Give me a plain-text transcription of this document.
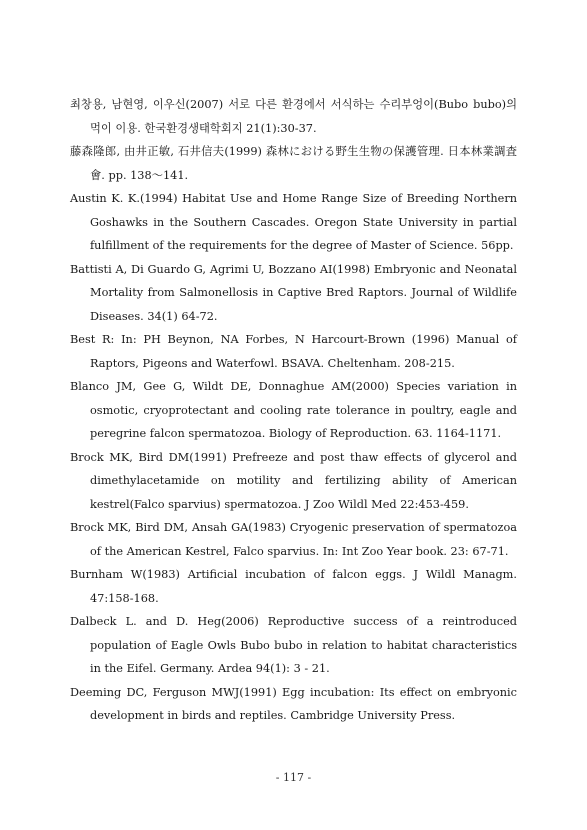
최창용, 남현영, 이우신(2007) 서로 다른 환경에서 서식하는 수리부엉이(Bubo bubo)의 먹이 이용. 한국환경생태학회지 21(1):30-37.

藤森隆郎, 由井正敏, 石井信夫(1999) 森林における野生生物の保護管理. 日本林業調査會. pp. 138～141.

Austin K. K.(1994) Habitat Use and Home Range Size of Breeding Northern Goshawks in the Southern Cascades. Oregon State University in partial fulfillment of the requirements for the degree of Master of Science. 56pp.

Battisti A, Di Guardo G, Agrimi U, Bozzano AI(1998) Embryonic and Neonatal Mortality from Salmonellosis in Captive Bred Raptors. Journal of Wildlife Diseases. 34(1) 64-72.

Best R: In: PH Beynon, NA Forbes, N Harcourt-Brown (1996) Manual of Raptors, Pigeons and Waterfowl. BSAVA. Cheltenham. 208-215.

Blanco JM, Gee G, Wildt DE, Donnaghue AM(2000) Species variation in osmotic, cryoprotectant and cooling rate tolerance in poultry, eagle and peregrine falcon spermatozoa. Biology of Reproduction. 63. 1164-1171.

Brock MK, Bird DM(1991) Prefreeze and post thaw effects of glycerol and dimethylacetamide on motility and fertilizing ability of American kestrel(Falco sparvius) spermatozoa. J Zoo Wildl Med 22:453-459.

Brock MK, Bird DM, Ansah GA(1983) Cryogenic preservation of spermatozoa of the American Kestrel, Falco sparvius. In: Int Zoo Year book. 23: 67-71.

Burnham W(1983) Artificial incubation of falcon eggs. J Wildl Managm. 47:158-168.

Dalbeck L. and D. Heg(2006) Reproductive success of a reintroduced population of Eagle Owls Bubo bubo in relation to habitat characteristics in the Eifel. Germany. Ardea 94(1): 3 - 21.

Deeming DC, Ferguson MWJ(1991) Egg incubation: Its effect on embryonic development in birds and reptiles. Cambridge University Press.

- 117 -
